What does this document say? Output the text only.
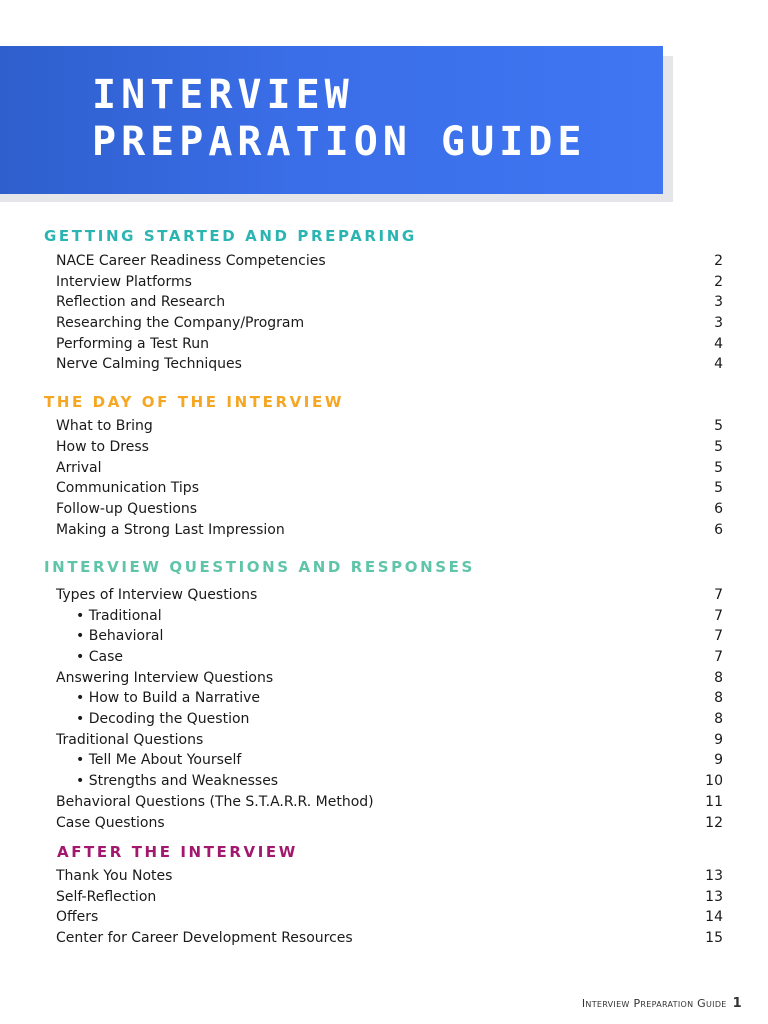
INTERVIEW
PREPARATION GUIDE
GETTING STARTED AND PREPARING
NACE Career Readiness Competencies	2
Interview Platforms	2
Reflection and Research	3
Researching the Company/Program	3
Performing a Test Run	4
Nerve Calming Techniques	4
THE DAY OF THE INTERVIEW
What to Bring	5
How to Dress	5
Arrival	5
Communication Tips	5
Follow-up Questions	6
Making a Strong Last Impression	6
INTERVIEW QUESTIONS AND RESPONSES
Types of Interview Questions	7
• Traditional	7
• Behavioral	7
• Case	7
Answering Interview Questions	8
• How to Build a Narrative	8
• Decoding the Question	8
Traditional Questions	9
• Tell Me About Yourself	9
• Strengths and Weaknesses	10
Behavioral Questions (The S.T.A.R.R. Method)	11
Case Questions	12
AFTER THE INTERVIEW
Thank You Notes	13
Self-Reflection	13
Offers	14
Center for Career Development Resources	15
Interview Preparation Guide 1
